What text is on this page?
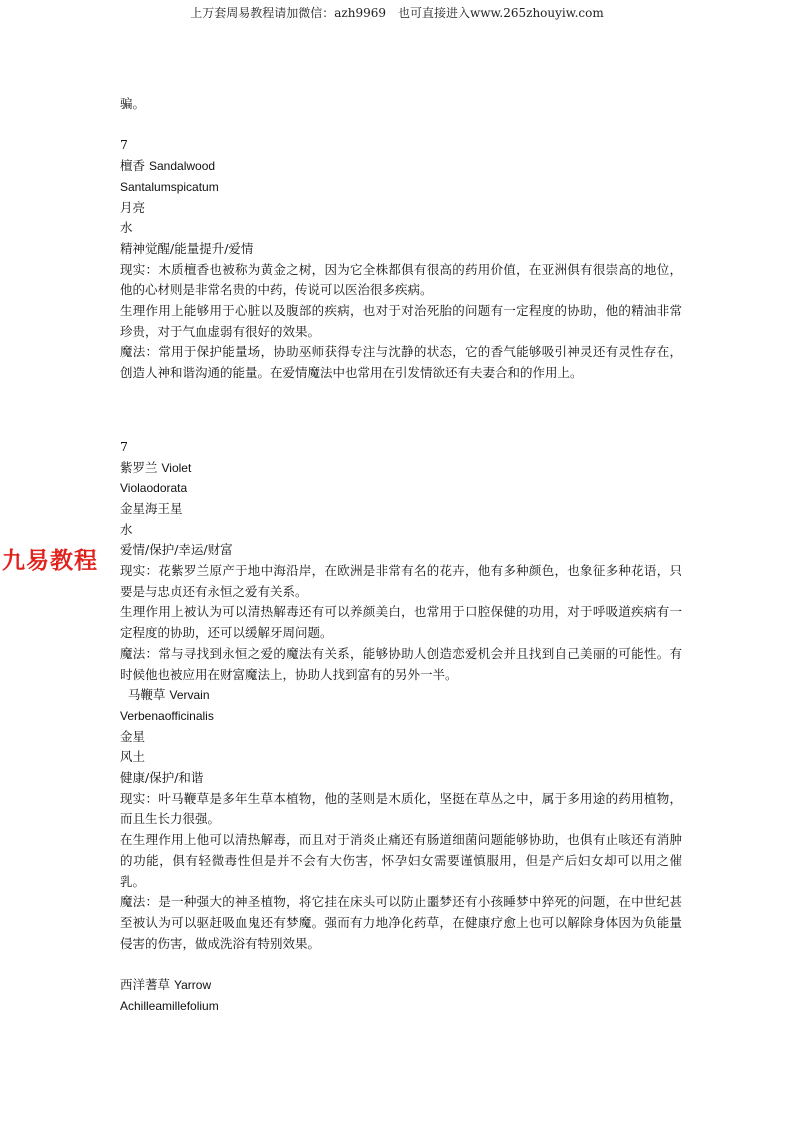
上万套周易教程请加微信：azh9969　也可直接进入www.265zhouyiw.com
九易教程

骗。

7

檀香 Sandalwood

Santalumspicatum

月亮

水

精神觉醒/能量提升/爱情

现实：木质檀香也被称为黄金之树，因为它全株都俱有很高的药用价值，在亚洲俱有很崇高的地位，他的心材则是非常名贵的中药，传说可以医治很多疾病。

生理作用上能够用于心脏以及腹部的疾病，也对于对治死胎的问题有一定程度的协助，他的精油非常珍贵，对于气血虚弱有很好的效果。

魔法：常用于保护能量场，协助巫师获得专注与沈静的状态，它的香气能够吸引神灵还有灵性存在，创造人神和谐沟通的能量。在爱情魔法中也常用在引发情欲还有夫妻合和的作用上。

7

紫罗兰 Violet

Violaodorata

金星海王星

水

爱情/保护/幸运/财富

现实：花紫罗兰原产于地中海沿岸，在欧洲是非常有名的花卉，他有多种颜色，也象征多种花语，只要是与忠贞还有永恒之爱有关系。

生理作用上被认为可以清热解毒还有可以养颜美白，也常用于口腔保健的功用，对于呼吸道疾病有一定程度的协助，还可以缓解牙周问题。

魔法：常与寻找到永恒之爱的魔法有关系，能够协助人创造恋爱机会并且找到自己美丽的可能性。有时候他也被应用在财富魔法上，协助人找到富有的另外一半。

马鞭草 Vervain

Verbenaofficinalis

金星

风土

健康/保护/和谐

现实：叶马鞭草是多年生草本植物，他的茎则是木质化，坚挺在草丛之中，属于多用途的药用植物，而且生长力很强。

在生理作用上他可以清热解毒，而且对于消炎止痛还有肠道细菌问题能够协助，也俱有止咳还有消肿的功能，俱有轻微毒性但是并不会有大伤害，怀孕妇女需要谨慎服用，但是产后妇女却可以用之催乳。

魔法：是一种强大的神圣植物，将它挂在床头可以防止噩梦还有小孩睡梦中猝死的问题，在中世纪甚至被认为可以驱赶吸血鬼还有梦魔。强而有力地净化药草，在健康疗愈上也可以解除身体因为负能量侵害的伤害，做成洗浴有特别效果。

西洋蓍草 Yarrow

Achilleamillefolium
